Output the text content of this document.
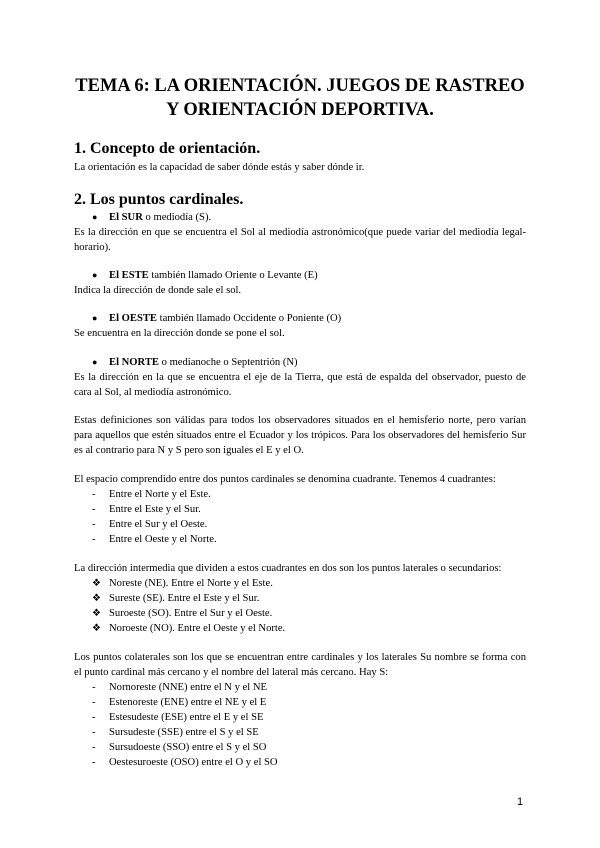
TEMA 6: LA ORIENTACIÓN. JUEGOS DE RASTREO
Y ORIENTACIÓN DEPORTIVA.
1. Concepto de orientación.
La orientación es la capacidad de saber dónde estás y saber dónde ir.
2. Los puntos cardinales.
● El SUR o mediodía (S).
Es la dirección en que se encuentra el Sol al mediodía astronómico(que puede variar del mediodía legal-horario).
● El ESTE también llamado Oriente o Levante (E)
Indica la dirección de donde sale el sol.
● El OESTE también llamado Occidente o Poniente (O)
Se encuentra en la dirección donde se pone el sol.
● El NORTE o medianoche o Septentrión (N)
Es la dirección en la que se encuentra el eje de la Tierra, que está de espalda del observador, puesto de cara al Sol, al mediodía astronómico.
Estas definiciones son válidas para todos los observadores situados en el hemisferio norte, pero varían para aquellos que estén situados entre el Ecuador y los trópicos. Para los observadores del hemisferio Sur es al contrario para N y S pero son iguales el E y el O.
El espacio comprendido entre dos puntos cardinales se denomina cuadrante. Tenemos 4 cuadrantes:
- Entre el Norte y el Este.
- Entre el Este y el Sur.
- Entre el Sur y el Oeste.
- Entre el Oeste y el Norte.
La dirección intermedia que dividen a estos cuadrantes en dos son los puntos laterales o secundarios:
❖ Noreste (NE). Entre el Norte y el Este.
❖ Sureste (SE). Entre el Este y el Sur.
❖ Suroeste (SO). Entre el Sur y el Oeste.
❖ Noroeste (NO). Entre el Oeste y el Norte.
Los puntos colaterales son los que se encuentran entre cardinales y los laterales Su nombre se forma con el punto cardinal más cercano y el nombre del lateral más cercano. Hay S:
- Nornoreste (NNE) entre el N y el NE
- Estenoreste (ENE) entre el NE y el E
- Estesudeste (ESE) entre el E y el SE
- Sursudeste (SSE) entre el S y el SE
- Sursudoeste (SSO) entre el S y el SO
- Oestesuroeste (OSO) entre el O y el SO
1
